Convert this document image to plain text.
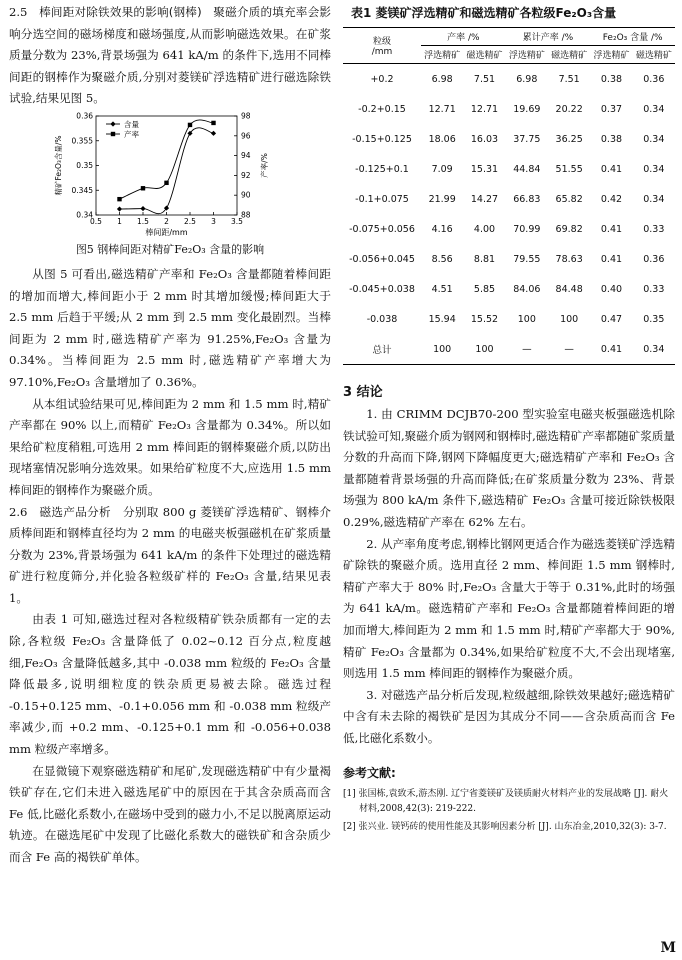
2.5 棒间距对除铁效果的影响(钢棒) 聚磁介质的填充率会影响分选空间的磁场梯度和磁场强度,从而影响磁选效果。在矿浆质量分数为 23%,背景场强为 641 kA/m 的条件下,选用不同棒间距的钢棒作为聚磁介质,分别对菱镁矿浮选精矿进行磁选除铁试验,结果见图 5。

0.5 1 1.5 2 2.5 3 3.5
0.34
0.345
0.35
0.355
0.36
88
90
92
94
96
98
棒间距/mm
精矿Fe₂O₃含量/%	产率/%
含量
产率
图5 钢棒间距对精矿Fe₂O₃ 含量的影响

从图 5 可看出,磁选精矿产率和 Fe₂O₃ 含量都随着棒间距的增加而增大,棒间距小于 2 mm 时其增加缓慢;棒间距大于 2.5 mm 后趋于平缓;从 2 mm 到 2.5 mm 变化最剧烈。当棒间距为 2 mm 时,磁选精矿产率为 91.25%,Fe₂O₃ 含量为 0.34%。当棒间距为 2.5 mm 时,磁选精矿产率增大为 97.10%,Fe₂O₃ 含量增加了 0.36%。

从本组试验结果可见,棒间距为 2 mm 和 1.5 mm 时,精矿产率都在 90% 以上,而精矿 Fe₂O₃ 含量都为 0.34%。所以如果给矿粒度稍粗,可选用 2 mm 棒间距的钢棒聚磁介质,以防出现堵塞情况影响分选效果。如果给矿粒度不大,应选用 1.5 mm 棒间距的钢棒作为聚磁介质。

2.6 磁选产品分析 分别取 800 g 菱镁矿浮选精矿、钢棒介质棒间距和钢棒直径均为 2 mm 的电磁夹板强磁机在矿浆质量分数为 23%,背景场强为 641 kA/m 的条件下处理过的磁选精矿进行粒度筛分,并化验各粒级矿样的 Fe₂O₃ 含量,结果见表 1。

由表 1 可知,磁选过程对各粒级精矿铁杂质都有一定的去除,各粒级 Fe₂O₃ 含量降低了 0.02~0.12 百分点,粒度越细,Fe₂O₃ 含量降低越多,其中 -0.038 mm 粒级的 Fe₂O₃ 含量降低最多,说明细粒度的铁杂质更易被去除。磁选过程 -0.15+0.125 mm、-0.1+0.056 mm 和 -0.038 mm 粒级产率减少,而 +0.2 mm、-0.125+0.1 mm 和 -0.056+0.038 mm 粒级产率增多。

在显微镜下观察磁选精矿和尾矿,发现磁选精矿中有少量褐铁矿存在,它们未进入磁选尾矿中的原因在于其含杂质高而含 Fe 低,比磁化系数小,在磁场中受到的磁力小,不足以脱离原运动轨迹。在磁选尾矿中发现了比磁化系数大的磁铁矿和含杂质少而含 Fe 高的褐铁矿单体。

表1 菱镁矿浮选精矿和磁选精矿各粒级Fe₂O₃含量
粒级
/mm	产率 /%		累计产率 /%		Fe₂O₃ 含量 /%	
	浮选精矿	磁选精矿	浮选精矿	磁选精矿	浮选精矿	磁选精矿
+0.2	6.98	7.51	6.98	7.51	0.38	0.36
-0.2+0.15	12.71	12.71	19.69	20.22	0.37	0.34
-0.15+0.125	18.06	16.03	37.75	36.25	0.38	0.34
-0.125+0.1	7.09	15.31	44.84	51.55	0.41	0.34
-0.1+0.075	21.99	14.27	66.83	65.82	0.42	0.34
-0.075+0.056	4.16	4.00	70.99	69.82	0.41	0.33
-0.056+0.045	8.56	8.81	79.55	78.63	0.41	0.36
-0.045+0.038	4.51	5.85	84.06	84.48	0.40	0.33
-0.038	15.94	15.52	100	100	0.47	0.35
总计	100	100	—	—	0.41	0.34
3 结论

1. 由 CRIMM DCJB70-200 型实验室电磁夹板强磁选机除铁试验可知,聚磁介质为钢网和钢棒时,磁选精矿产率都随矿浆质量分数的升高而下降,钢网下降幅度更大;磁选精矿产率和 Fe₂O₃ 含量都随着背景场强的升高而降低;在矿浆质量分数为 23%、背景场强为 800 kA/m 条件下,磁选精矿 Fe₂O₃ 含量可接近除铁极限 0.29%,磁选精矿产率在 62% 左右。

2. 从产率角度考虑,钢棒比钢网更适合作为磁选菱镁矿浮选精矿除铁的聚磁介质。选用直径 2 mm、棒间距 1.5 mm 钢棒时,精矿产率大于 80% 时,Fe₂O₃ 含量大于等于 0.31%,此时的场强为 641 kA/m。磁选精矿产率和 Fe₂O₃ 含量都随着棒间距的增加而增大,棒间距为 2 mm 和 1.5 mm 时,精矿产率都大于 90%,精矿 Fe₂O₃ 含量都为 0.34%,如果给矿粒度不大,不会出现堵塞,则选用 1.5 mm 棒间距的钢棒作为聚磁介质。

3. 对磁选产品分析后发现,粒级越细,除铁效果越好;磁选精矿中含有未去除的褐铁矿是因为其成分不同——含杂质高而含 Fe 低,比磁化系数小。

参考文献:
[1] 张国栋,袁致禾,游杰刚. 辽宁省菱镁矿及镁质耐火材料产业的发展战略 [J]. 耐火材料,2008,42(3): 219-222.
[2] 张兴业. 镁钙砖的使用性能及其影响因素分析 [J]. 山东冶金,2010,32(3): 3-7.
M
